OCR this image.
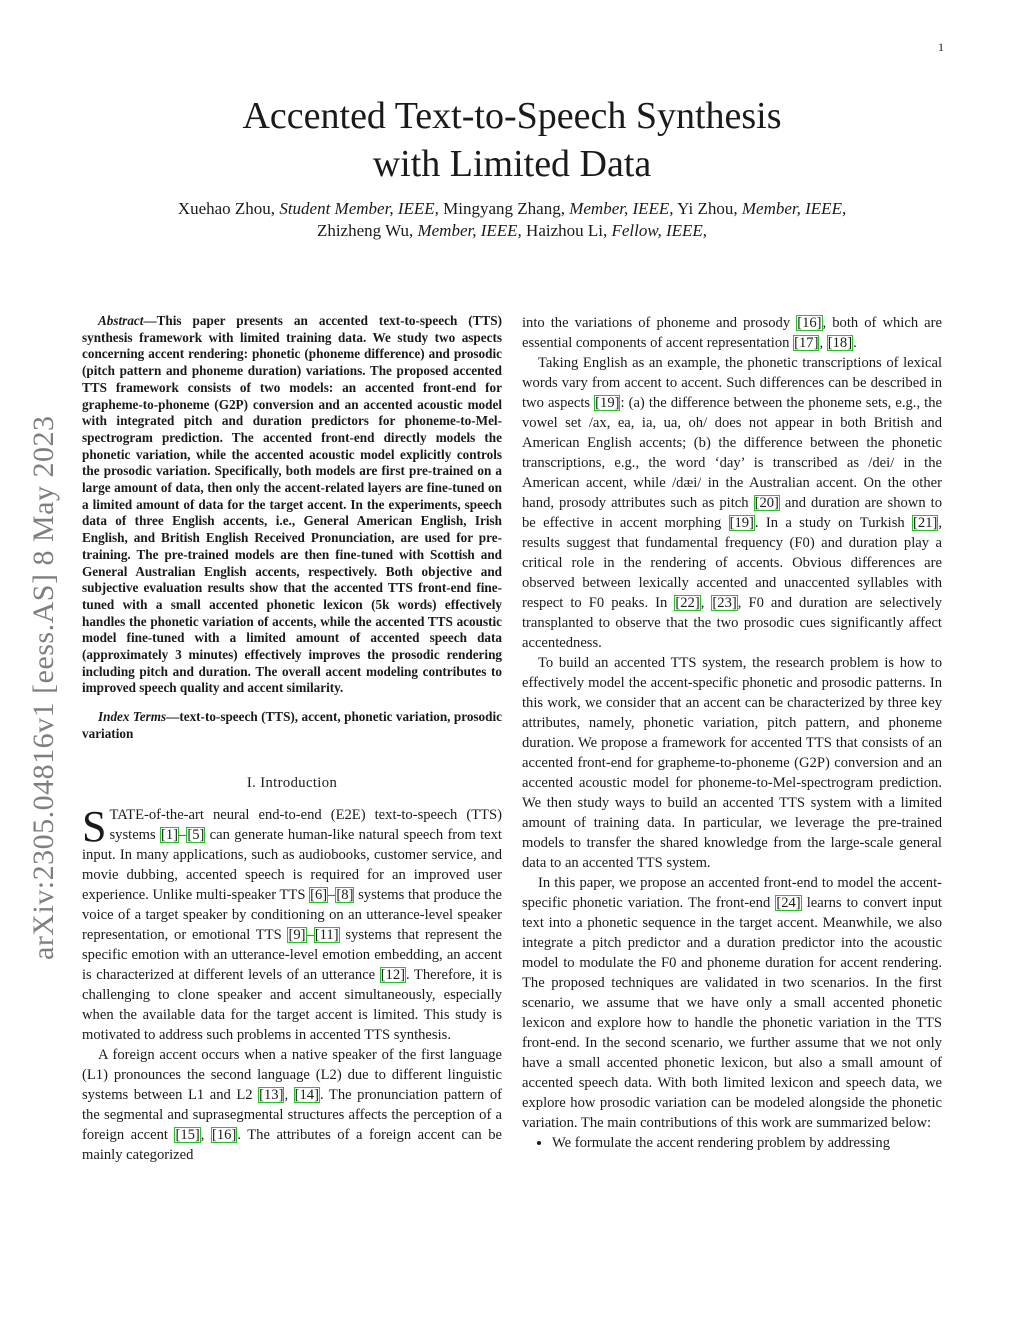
1
arXiv:2305.04816v1 [eess.AS] 8 May 2023
Accented Text-to-Speech Synthesis
with Limited Data
Xuehao Zhou, Student Member, IEEE, Mingyang Zhang, Member, IEEE, Yi Zhou, Member, IEEE,
Zhizheng Wu, Member, IEEE, Haizhou Li, Fellow, IEEE,

Abstract—This paper presents an accented text-to-speech (TTS) synthesis framework with limited training data. We study two aspects concerning accent rendering: phonetic (phoneme difference) and prosodic (pitch pattern and phoneme duration) variations. The proposed accented TTS framework consists of two models: an accented front-end for grapheme-to-phoneme (G2P) conversion and an accented acoustic model with integrated pitch and duration predictors for phoneme-to-Mel-spectrogram prediction. The accented front-end directly models the phonetic variation, while the accented acoustic model explicitly controls the prosodic variation. Specifically, both models are first pre-trained on a large amount of data, then only the accent-related layers are fine-tuned on a limited amount of data for the target accent. In the experiments, speech data of three English accents, i.e., General American English, Irish English, and British English Received Pronunciation, are used for pre-training. The pre-trained models are then fine-tuned with Scottish and General Australian English accents, respectively. Both objective and subjective evaluation results show that the accented TTS front-end fine-tuned with a small accented phonetic lexicon (5k words) effectively handles the phonetic variation of accents, while the accented TTS acoustic model fine-tuned with a limited amount of accented speech data (approximately 3 minutes) effectively improves the prosodic rendering including pitch and duration. The overall accent modeling contributes to improved speech quality and accent similarity.

Index Terms—text-to-speech (TTS), accent, phonetic variation, prosodic variation

I. Introduction

STATE-of-the-art neural end-to-end (E2E) text-to-speech (TTS) systems [1]–[5] can generate human-like natural speech from text input. In many applications, such as audiobooks, customer service, and movie dubbing, accented speech is required for an improved user experience. Unlike multi-speaker TTS [6]–[8] systems that produce the voice of a target speaker by conditioning on an utterance-level speaker representation, or emotional TTS [9]–[11] systems that represent the specific emotion with an utterance-level emotion embedding, an accent is characterized at different levels of an utterance [12]. Therefore, it is challenging to clone speaker and accent simultaneously, especially when the available data for the target accent is limited. This study is motivated to address such problems in accented TTS synthesis.

A foreign accent occurs when a native speaker of the first language (L1) pronounces the second language (L2) due to different linguistic systems between L1 and L2 [13], [14]. The pronunciation pattern of the segmental and suprasegmental structures affects the perception of a foreign accent [15], [16]. The attributes of a foreign accent can be mainly categorized

into the variations of phoneme and prosody [16], both of which are essential components of accent representation [17], [18].

Taking English as an example, the phonetic transcriptions of lexical words vary from accent to accent. Such differences can be described in two aspects [19]: (a) the difference between the phoneme sets, e.g., the vowel set /ax, ea, ia, ua, oh/ does not appear in both British and American English accents; (b) the difference between the phonetic transcriptions, e.g., the word ‘day’ is transcribed as /dei/ in the American accent, while /dæi/ in the Australian accent. On the other hand, prosody attributes such as pitch [20] and duration are shown to be effective in accent morphing [19]. In a study on Turkish [21], results suggest that fundamental frequency (F0) and duration play a critical role in the rendering of accents. Obvious differences are observed between lexically accented and unaccented syllables with respect to F0 peaks. In [22], [23], F0 and duration are selectively transplanted to observe that the two prosodic cues significantly affect accentedness.

To build an accented TTS system, the research problem is how to effectively model the accent-specific phonetic and prosodic patterns. In this work, we consider that an accent can be characterized by three key attributes, namely, phonetic variation, pitch pattern, and phoneme duration. We propose a framework for accented TTS that consists of an accented front-end for grapheme-to-phoneme (G2P) conversion and an accented acoustic model for phoneme-to-Mel-spectrogram prediction. We then study ways to build an accented TTS system with a limited amount of training data. In particular, we leverage the pre-trained models to transfer the shared knowledge from the large-scale general data to an accented TTS system.

In this paper, we propose an accented front-end to model the accent-specific phonetic variation. The front-end [24] learns to convert input text into a phonetic sequence in the target accent. Meanwhile, we also integrate a pitch predictor and a duration predictor into the acoustic model to modulate the F0 and phoneme duration for accent rendering. The proposed techniques are validated in two scenarios. In the first scenario, we assume that we have only a small accented phonetic lexicon and explore how to handle the phonetic variation in the TTS front-end. In the second scenario, we further assume that we not only have a small accented phonetic lexicon, but also a small amount of accented speech data. With both limited lexicon and speech data, we explore how prosodic variation can be modeled alongside the phonetic variation. The main contributions of this work are summarized below:

• We formulate the accent rendering problem by addressing
